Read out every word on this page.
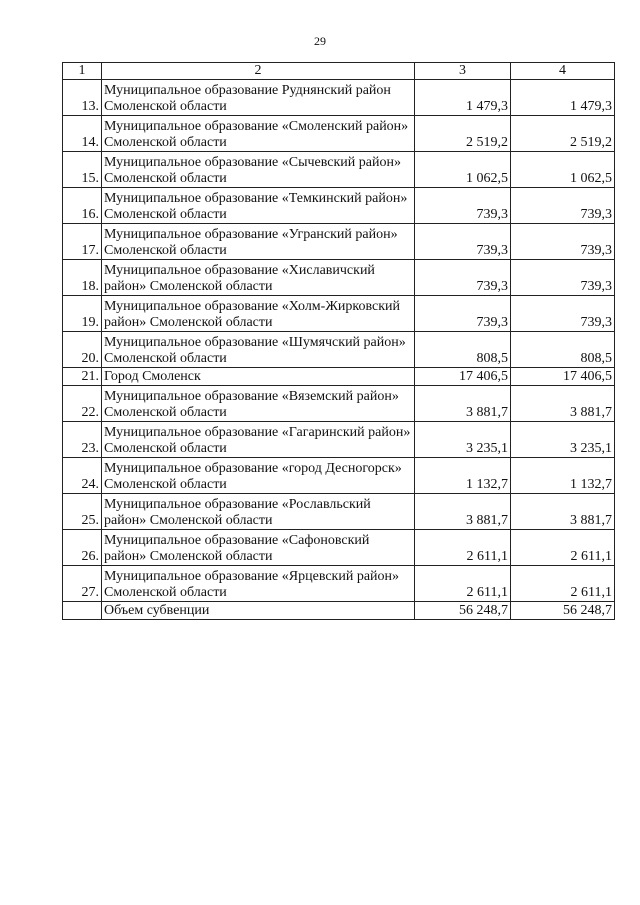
29
1	2	3	4
13.	Муниципальное образование Руднянский район Смоленской области	1 479,3	1 479,3
14.	Муниципальное образование «Смоленский район» Смоленской области	2 519,2	2 519,2
15.	Муниципальное образование «Сычевский район» Смоленской области	1 062,5	1 062,5
16.	Муниципальное образование «Темкинский район» Смоленской области	739,3	739,3
17.	Муниципальное образование «Угранский район» Смоленской области	739,3	739,3
18.	Муниципальное образование «Хиславичский район» Смоленской области	739,3	739,3
19.	Муниципальное образование «Холм-Жирковский район» Смоленской области	739,3	739,3
20.	Муниципальное образование «Шумячский район» Смоленской области	808,5	808,5
21.	Город Смоленск	17 406,5	17 406,5
22.	Муниципальное образование «Вяземский район» Смоленской области	3 881,7	3 881,7
23.	Муниципальное образование «Гагаринский район» Смоленской области	3 235,1	3 235,1
24.	Муниципальное образование «город Десногорск» Смоленской области	1 132,7	1 132,7
25.	Муниципальное образование «Рославльский район» Смоленской области	3 881,7	3 881,7
26.	Муниципальное образование «Сафоновский район» Смоленской области	2 611,1	2 611,1
27.	Муниципальное образование «Ярцевский район» Смоленской области	2 611,1	2 611,1
	Объем субвенции	56 248,7	56 248,7
